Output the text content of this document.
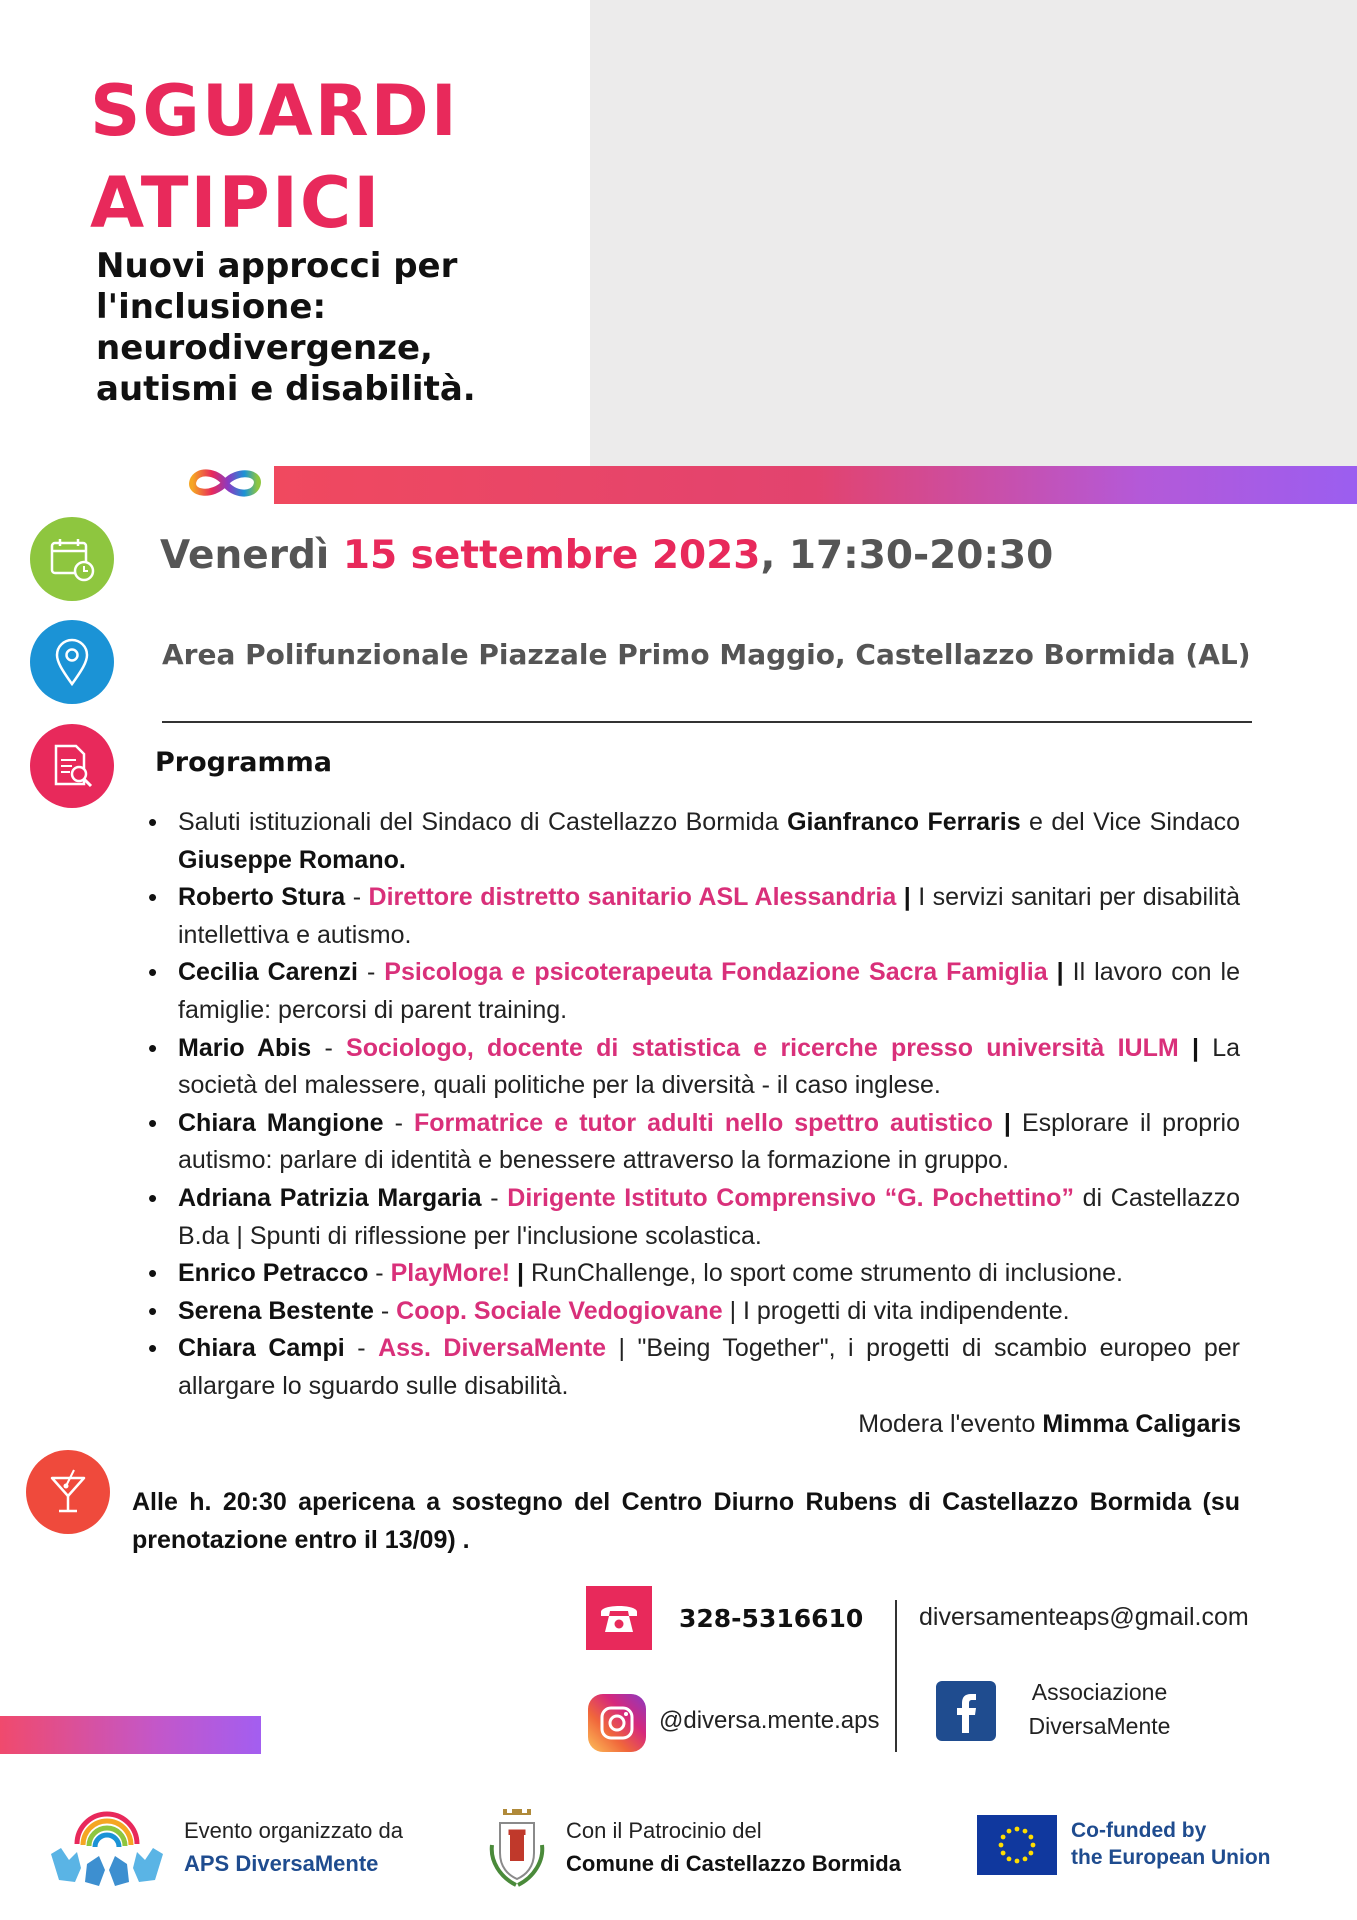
SGUARDI
ATIPICI
Nuovi approcci per l'inclusione: neurodivergenze, autismi e disabilità.
Venerdì 15 settembre 2023, 17:30-20:30
Area Polifunzionale Piazzale Primo Maggio, Castellazzo Bormida (AL)
Programma
• Saluti istituzionali del Sindaco di Castellazzo Bormida Gianfranco Ferraris e del Vice Sindaco Giuseppe Romano.
• Roberto Stura - Direttore distretto sanitario ASL Alessandria | I servizi sanitari per disabilità intellettiva e autismo.
• Cecilia Carenzi - Psicologa e psicoterapeuta Fondazione Sacra Famiglia | Il lavoro con le famiglie: percorsi di parent training.
• Mario Abis - Sociologo, docente di statistica e ricerche presso università IULM | La società del malessere, quali politiche per la diversità - il caso inglese.
• Chiara Mangione - Formatrice e tutor adulti nello spettro autistico | Esplorare il proprio autismo: parlare di identità e benessere attraverso la formazione in gruppo.
• Adriana Patrizia Margaria - Dirigente Istituto Comprensivo “G. Pochettino” di Castellazzo B.da | Spunti di riflessione per l'inclusione scolastica.
• Enrico Petracco - PlayMore! | RunChallenge, lo sport come strumento di inclusione.
• Serena Bestente - Coop. Sociale Vedogiovane | I progetti di vita indipendente.
• Chiara Campi - Ass. DiversaMente | "Being Together", i progetti di scambio europeo per allargare lo sguardo sulle disabilità.
Modera l'evento Mimma Caligaris
Alle h. 20:30 apericena a sostegno del Centro Diurno Rubens di Castellazzo Bormida (su prenotazione entro il 13/09) .
328-5316610 diversamenteaps@gmail.com
@diversa.mente.aps
Associazione
DiversaMente
Evento organizzato da
APS DiversaMente
Con il Patrocinio del
Comune di Castellazzo Bormida
Co-funded by
the European Union
